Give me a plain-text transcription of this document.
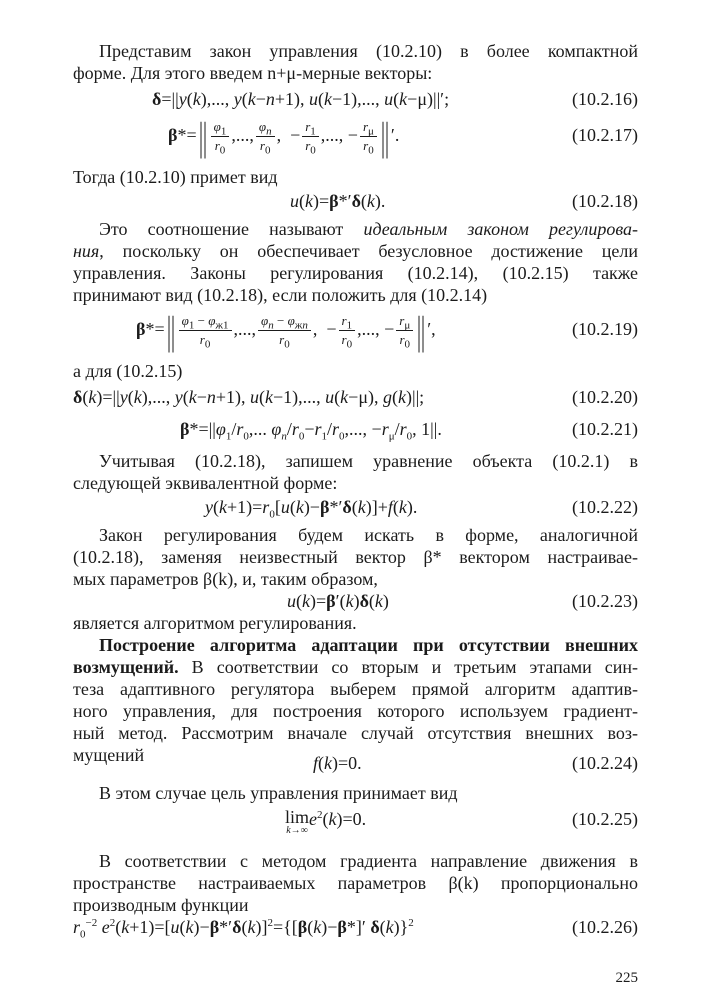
Представим закон управления (10.2.10) в более компактной
форме. Для этого введем n+μ-мерные векторы:
δ=||y(k),..., y(k−n+1), u(k−1),..., u(k−μ)||′;	(10.2.16)
$\beta*=|| \frac{\varphi_1}{r_0}$ ,..., $\frac{\varphi_n}{r_0}$ ,  − $\frac{r_1}{r_0}$ ,..., − $\frac{r_\mu}{r_0}$ || ′.	(10.2.17)
Тогда (10.2.10) примет вид
u(k)=β*′δ(k).	(10.2.18)
Это соотношение называют идеальным законом регулирова-
ния, поскольку он обеспечивает безусловное достижение цели
управления. Законы регулирования (10.2.14), (10.2.15) также
принимают вид (10.2.18), если положить для (10.2.14)
$\beta*=|| \frac{\varphi_1 - \varphi_{ж1}}{r_0}$ ,..., $\frac{\varphi_n - \varphi_{жn}}{r_0}$ ,  − $\frac{r_1}{r_0}$ ,..., − $\frac{r_\mu}{r_0}$ || ′,	(10.2.19)
а для (10.2.15)
δ(k)=||y(k),..., y(k−n+1), u(k−1),..., u(k−μ), g(k)||;	(10.2.20)
$\beta*=||\varphi_1/r_0$,... $\varphi_n/r_0-r_1/r_0$,..., $-r_\mu/r_0$, 1||.	(10.2.21)
Учитывая (10.2.18), запишем уравнение объекта (10.2.1) в
следующей эквивалентной форме:
$y(k+1)=r_0[u(k)-\beta*'\delta(k)]+f(k)$.	(10.2.22)
Закон регулирования будем искать в форме, аналогичной
(10.2.18), заменяя неизвестный вектор β* вектором настраивае-
мых параметров β(k), и, таким образом,
u(k)=β′(k)δ(k)	(10.2.23)
является алгоритмом регулирования.
Построение алгоритма адаптации при отсутствии внешних
возмущений. В соответствии со вторым и третьим этапами син-
теза адаптивного регулятора выберем прямой алгоритм адаптив-
ного управления, для построения которого используем градиент-
ный метод. Рассмотрим вначале случай отсутствия внешних воз-
мущений	f(k)=0.	(10.2.24)
В этом случае цель управления принимает вид
lim

k→∞
$e^2(k)=0$.	(10.2.25)
В соответствии с методом градиента направление движения в
пространстве настраиваемых параметров β(k) пропорционально
производным функции
$r_0^{-2}$ $e^2(k+1)=[u(k)-\beta*'\delta(k)]^2=\{[\beta(k)-\beta*]'$ δ(k)}$^2$	(10.2.26)
225
